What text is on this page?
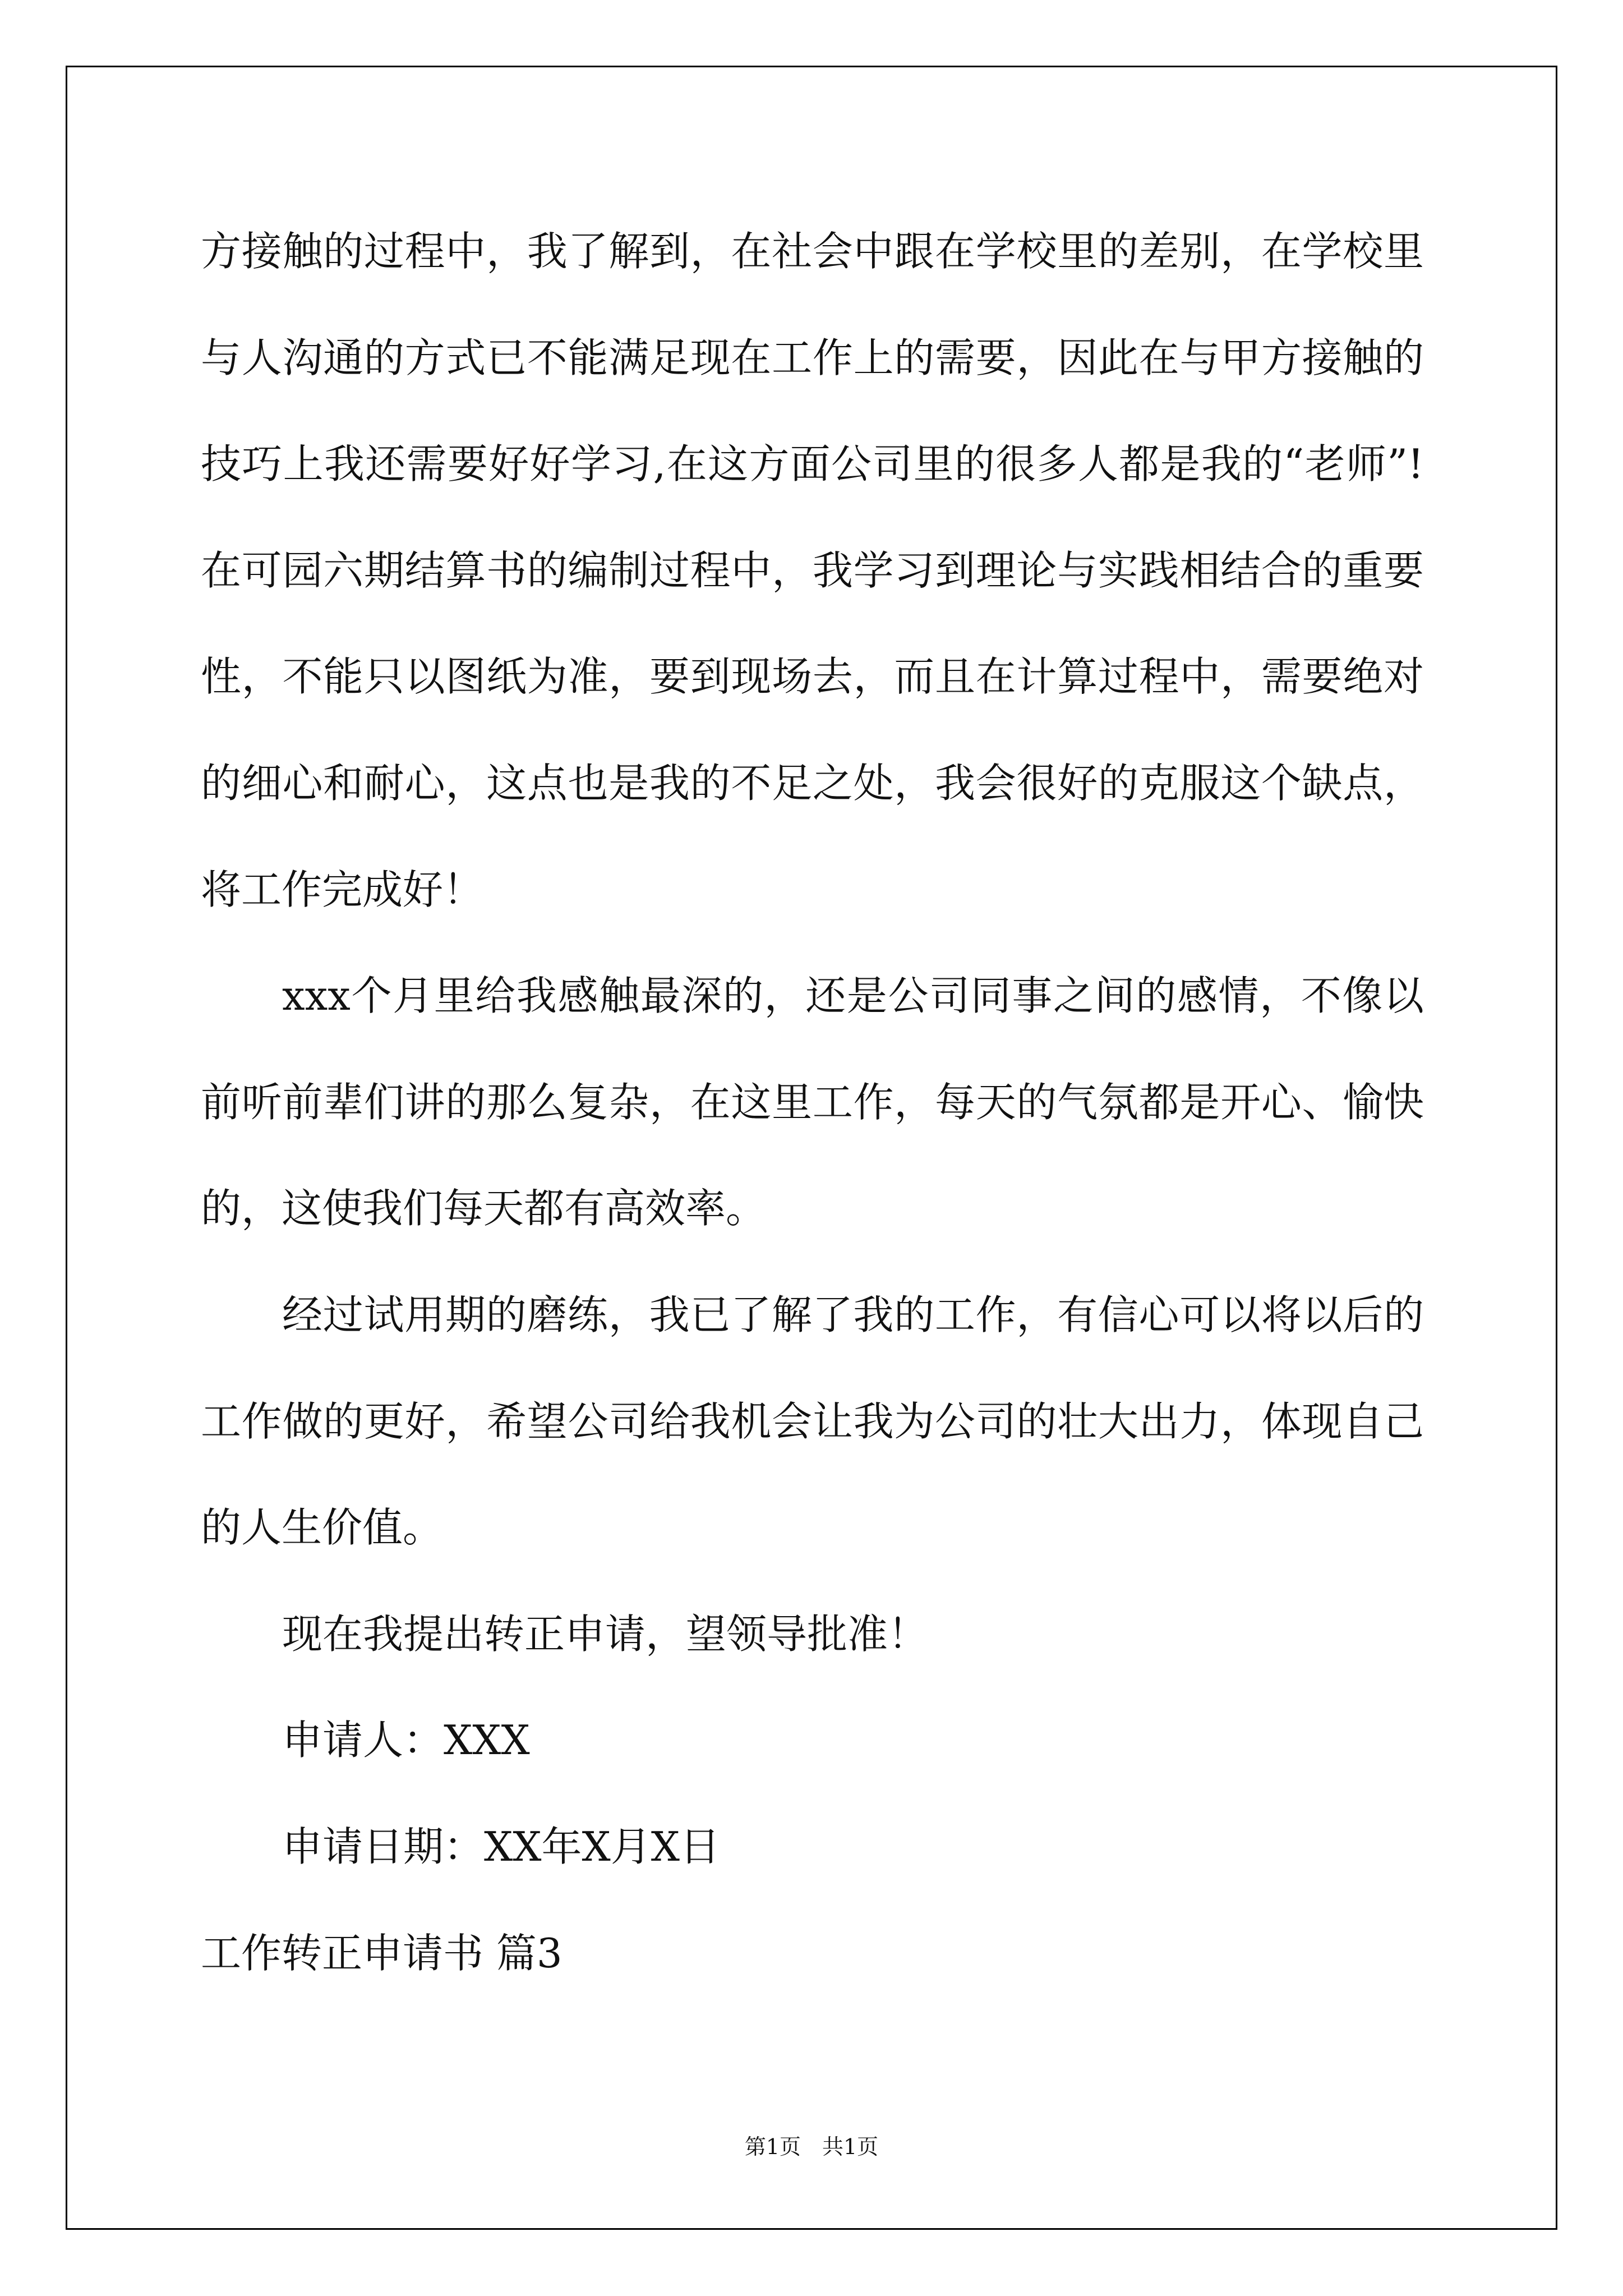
方接触的过程中，我了解到，在社会中跟在学校里的差别，在学校里
与人沟通的方式已不能满足现在工作上的需要，因此在与甲方接触的
技巧上我还需要好好学习,在这方面公司里的很多人都是我的“老师”!
在可园六期结算书的编制过程中，我学习到理论与实践相结合的重要
性，不能只以图纸为准，要到现场去，而且在计算过程中，需要绝对
的细心和耐心，这点也是我的不足之处，我会很好的克服这个缺点，
将工作完成好！
xxx个月里给我感触最深的，还是公司同事之间的感情，不像以
前听前辈们讲的那么复杂，在这里工作，每天的气氛都是开心、愉快
的，这使我们每天都有高效率。
经过试用期的磨练，我已了解了我的工作，有信心可以将以后的
工作做的更好，希望公司给我机会让我为公司的壮大出力，体现自己
的人生价值。
现在我提出转正申请，望领导批准！
申请人：XXX
申请日期：XX年X月X日
工作转正申请书 篇3
第1页　共1页
